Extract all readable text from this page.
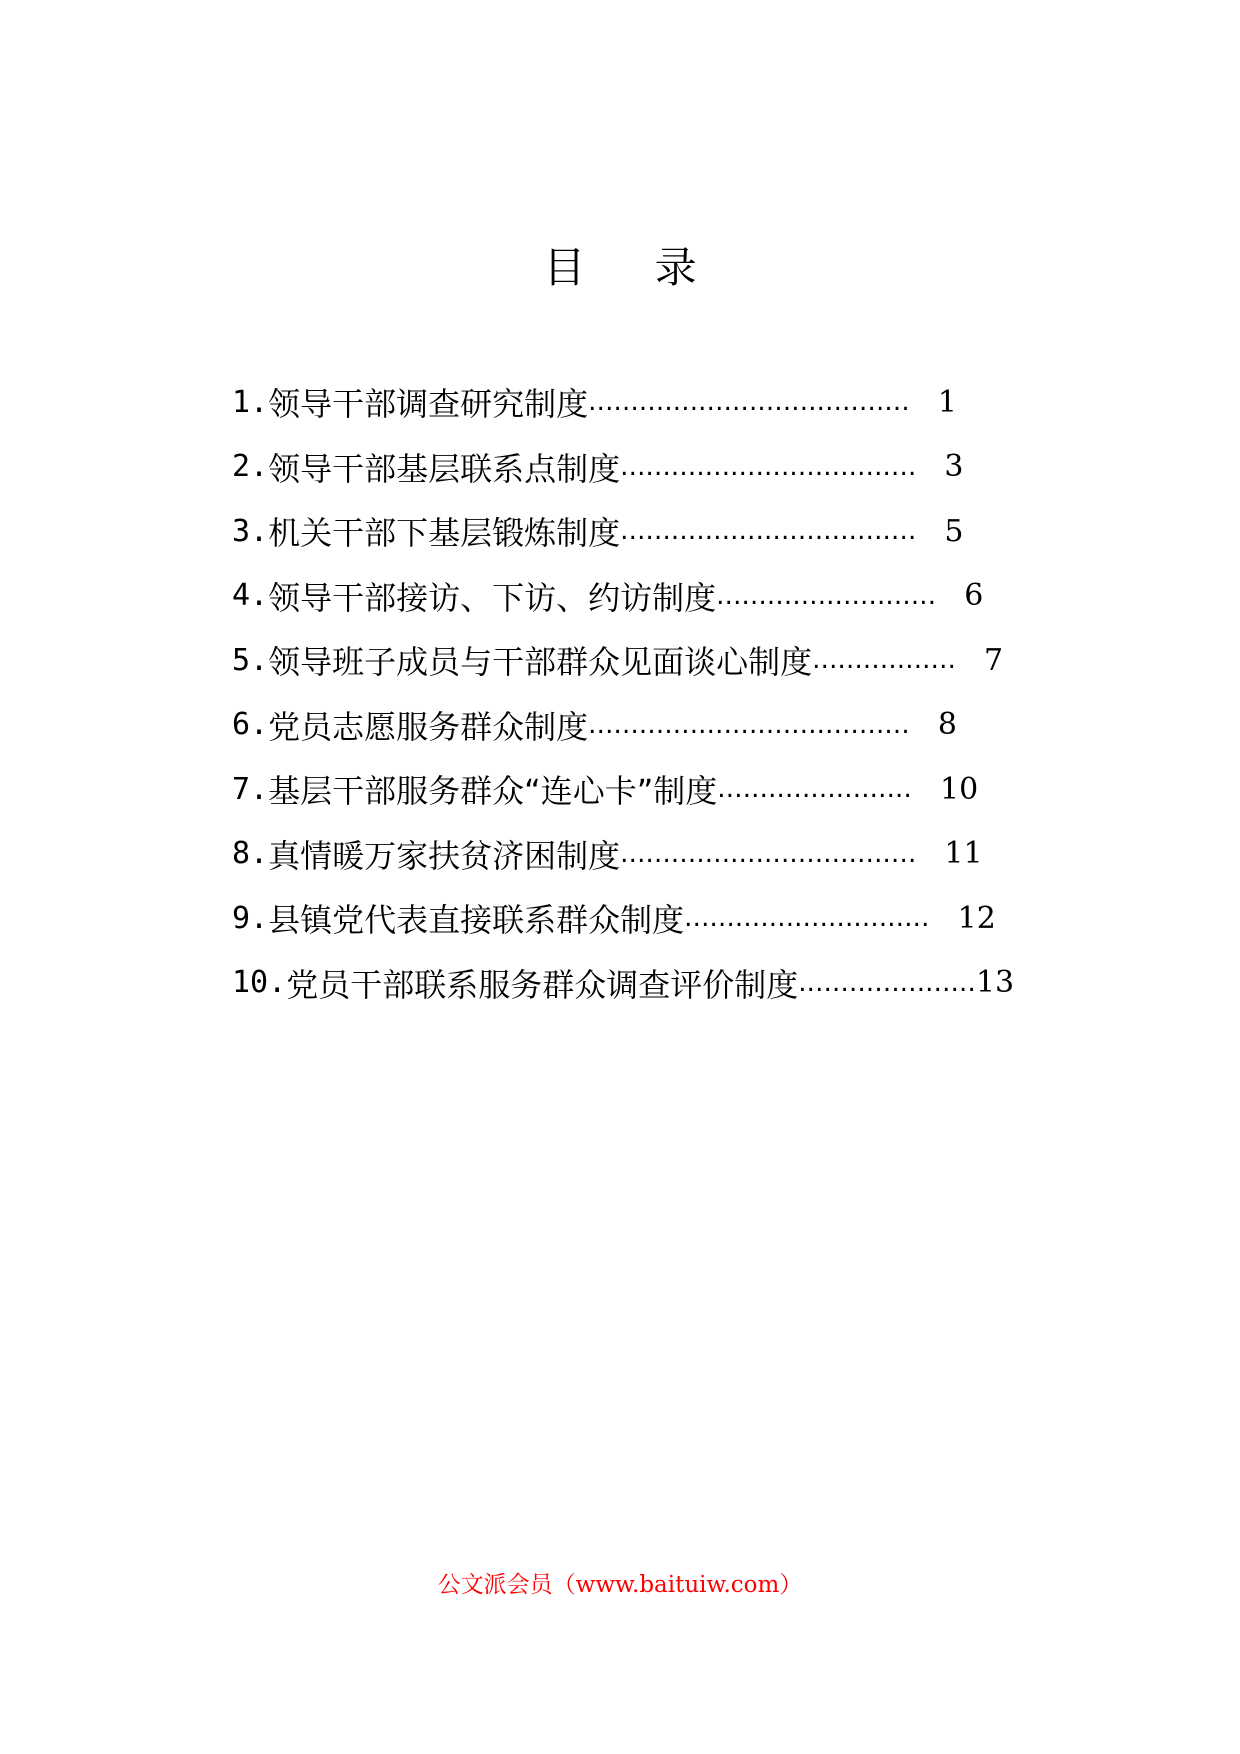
目 录
1. 领导干部调查研究制度 ...................................... 1
2. 领导干部基层联系点制度 ................................... 3
3. 机关干部下基层锻炼制度 ................................... 5
4. 领导干部接访、下访、约访制度 .......................... 6
5. 领导班子成员与干部群众见面谈心制度 ................. 7
6. 党员志愿服务群众制度 ...................................... 8
7. 基层干部服务群众“连心卡”制度 ....................... 10
8. 真情暖万家扶贫济困制度 ................................... 11
9. 县镇党代表直接联系群众制度 ............................. 12
10. 党员干部联系服务群众调查评价制度 ..................... 13
公文派会员（www.baituiw.com）
